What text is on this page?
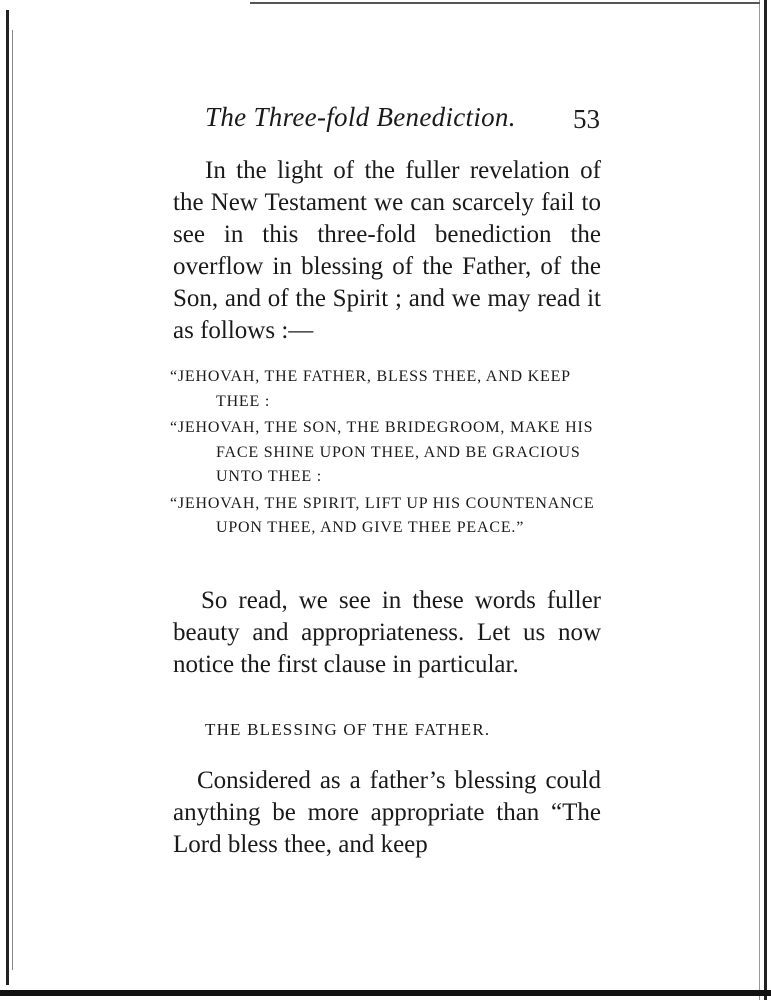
The Three-fold Benediction. 53

In the light of the fuller revelation of the New Testament we can scarcely fail to see in this three-fold benediction the overflow in blessing of the Father, of the Son, and of the Spirit ; and we may read it as follows :—

“JEHOVAH, THE FATHER, BLESS THEE, AND KEEP THEE :

“JEHOVAH, THE SON, THE BRIDEGROOM, MAKE HIS FACE SHINE UPON THEE, AND BE GRACIOUS UNTO THEE :

“JEHOVAH, THE SPIRIT, LIFT UP HIS COUNTENANCE UPON THEE, AND GIVE THEE PEACE.”

So read, we see in these words fuller beauty and appropriateness. Let us now notice the first clause in particular.

THE BLESSING OF THE FATHER.

Considered as a father’s blessing could anything be more appropriate than “The Lord bless thee, and keep
